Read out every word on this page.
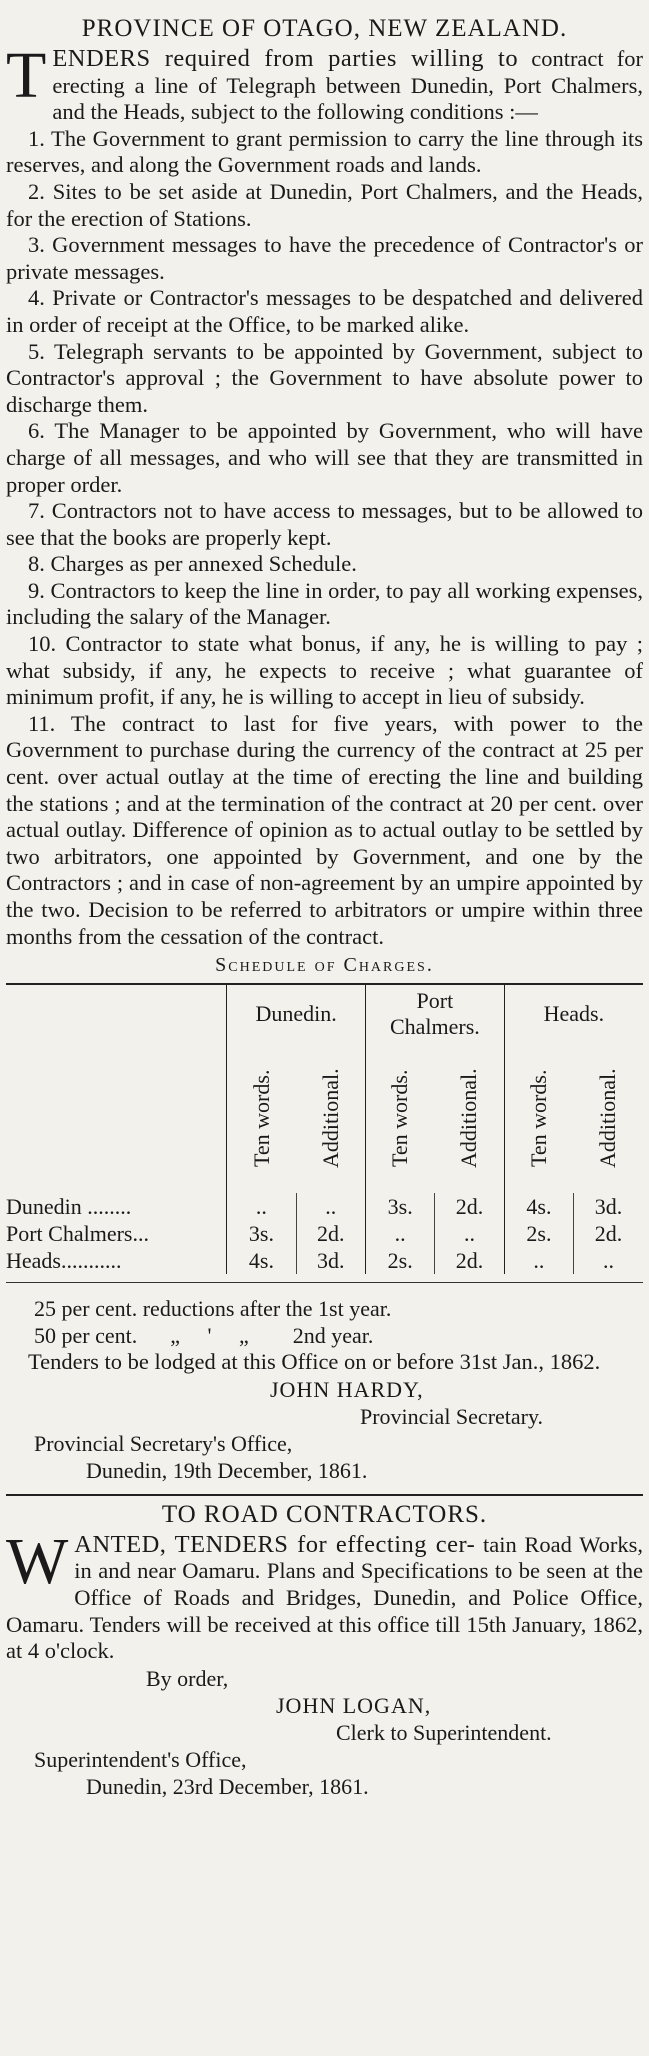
PROVINCE OF OTAGO, NEW ZEALAND.

TENDERS required from parties willing to contract for erecting a line of Telegraph between Dunedin, Port Chalmers, and the Heads, subject to the following conditions :—

1. The Government to grant permission to carry the line through its reserves, and along the Government roads and lands.

2. Sites to be set aside at Dunedin, Port Chalmers, and the Heads, for the erection of Stations.

3. Government messages to have the precedence of Contractor's or private messages.

4. Private or Contractor's messages to be despatched and delivered in order of receipt at the Office, to be marked alike.

5. Telegraph servants to be appointed by Government, subject to Contractor's approval ; the Government to have absolute power to discharge them.

6. The Manager to be appointed by Government, who will have charge of all messages, and who will see that they are transmitted in proper order.

7. Contractors not to have access to messages, but to be allowed to see that the books are properly kept.

8. Charges as per annexed Schedule.

9. Contractors to keep the line in order, to pay all working expenses, including the salary of the Manager.

10. Contractor to state what bonus, if any, he is willing to pay ; what subsidy, if any, he expects to receive ; what guarantee of minimum profit, if any, he is willing to accept in lieu of subsidy.

11. The contract to last for five years, with power to the Government to purchase during the currency of the contract at 25 per cent. over actual outlay at the time of erecting the line and building the stations ; and at the termination of the contract at 20 per cent. over actual outlay. Difference of opinion as to actual outlay to be settled by two arbitrators, one appointed by Government, and one by the Contractors ; and in case of non-agreement by an umpire appointed by the two. Decision to be referred to arbitrators or umpire within three months from the cessation of the contract.

Schedule of Charges.
	Dunedin.		Port
Chalmers.		Heads.	

	Ten words.	Additional.	Ten words.	Additional.	Ten words.	Additional.

Dunedin ........	..	..	3s.	2d.	4s.	3d.
Port Chalmers...	3s.	2d.	..	..	2s.	2d.
Heads...........	4s.	3d.	2s.	2d.	..	..

25 per cent. reductions after the 1st year.

50 per cent.      „     '     „        2nd year.

Tenders to be lodged at this Office on or before 31st Jan., 1862.

JOHN HARDY,

Provincial Secretary.

Provincial Secretary's Office,

Dunedin, 19th December, 1861.

TO ROAD CONTRACTORS.

WANTED, TENDERS for effecting cer- tain Road Works, in and near Oamaru. Plans and Specifications to be seen at the Office of Roads and Bridges, Dunedin, and Police Office, Oamaru. Tenders will be received at this office till 15th January, 1862, at 4 o'clock.

By order,

JOHN LOGAN,

Clerk to Superintendent.

Superintendent's Office,

Dunedin, 23rd December, 1861.
